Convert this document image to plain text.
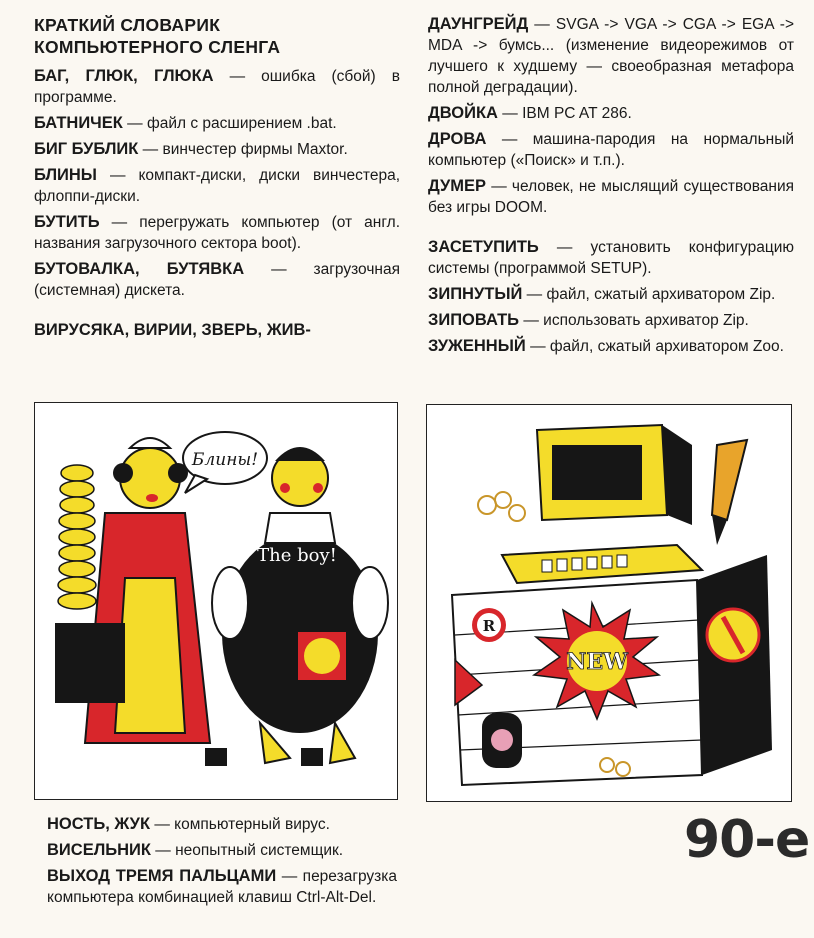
КРАТКИЙ СЛОВАРИК
КОМПЬЮТЕРНОГО СЛЕНГА
БАГ, ГЛЮК, ГЛЮКА — ошибка (сбой) в программе.
БАТНИЧЕК — файл с расширением .bat.
БИГ БУБЛИК — винчестер фирмы Maxtor.
БЛИНЫ — компакт-диски, диски винчестера, флоппи-диски.
БУТИТЬ — перегружать компьютер (от англ. названия загрузочного сектора boot).
БУТОВАЛКА, БУТЯВКА — загрузочная (системная) дискета.
ВИРУСЯКА, ВИРИИ, ЗВЕРЬ, ЖИВ-
ДАУНГРЕЙД — SVGA -> VGA -> CGA -> EGA -> MDA -> бумсь... (изменение видеорежимов от лучшего к худшему — своеобразная метафора полной деградации).
ДВОЙКА — IBM PC AT 286.
ДРОВА — машина-пародия на нормальный компьютер («Поиск» и т.п.).
ДУМЕР — человек, не мыслящий существования без игры DOOM.
ЗАСЕТУПИТЬ — установить конфигурацию системы (программой SETUP).
ЗИПНУТЫЙ — файл, сжатый архиватором Zip.
ЗИПОВАТЬ — использовать архиватор Zip.
ЗУЖЕННЫЙ — файл, сжатый архиватором Zoo.
Блины!
The boy!
R
NEW
НОСТЬ, ЖУК — компьютерный вирус.
ВИСЕЛЬНИК — неопытный системщик.
ВЫХОД ТРЕМЯ ПАЛЬЦАМИ — перезагрузка компьютера комбинацией клавиш Ctrl-Alt-Del.
90-е
